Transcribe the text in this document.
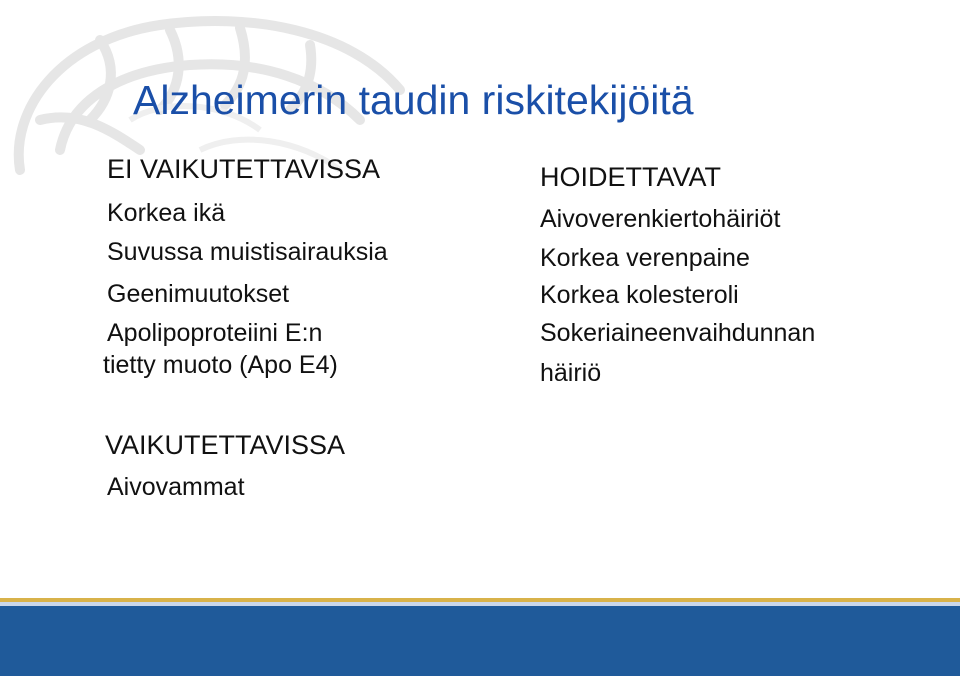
Alzheimerin taudin riskitekijöitä
EI VAIKUTETTAVISSA
Korkea ikä
Suvussa muistisairauksia
Geenimuutokset
Apolipoproteiini E:n
tietty muoto (Apo E4)
HOIDETTAVAT
Aivoverenkiertohäiriöt
Korkea verenpaine
Korkea kolesteroli
Sokeriaineenvaihdunnan
häiriö
VAIKUTETTAVISSA
Aivovammat
